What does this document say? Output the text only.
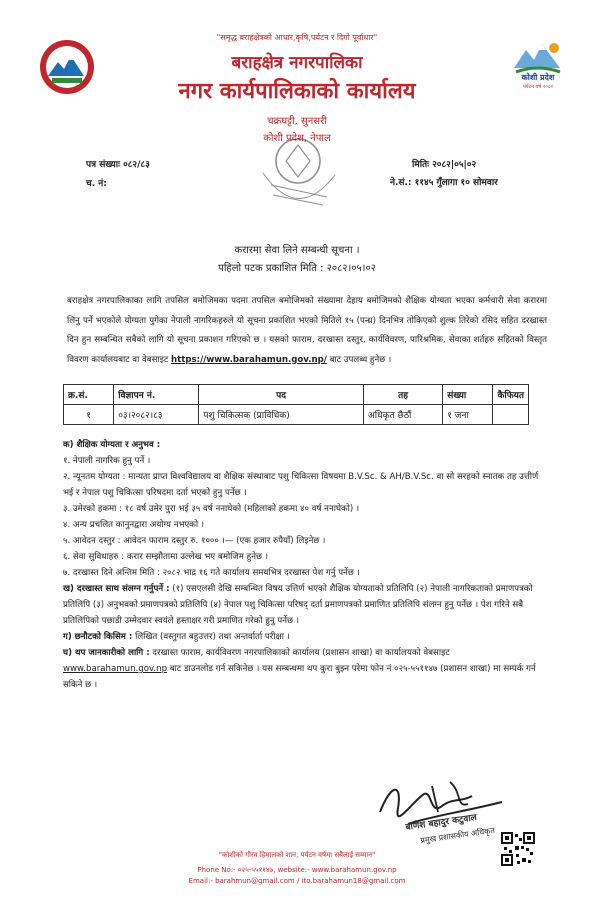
कोशी प्रदेश
पर्यटन वर्ष २०८२
"समृद्ध बराहक्षेत्रको आधार,कृषि,पर्यटन र दिगो पूर्वाधार"
बराहक्षेत्र नगरपालिका
नगर कार्यपालिकाको कार्यालय
चक्रघट्टी, सुनसरी
कोशी प्रदेश, नेपाल
पत्र संख्याः ०८२/८३
च. नं:
मितिः २०८२|०५|०२
ने.सं.: ११४५ गुँलागा १० सोमवार
करारमा सेवा लिने सम्बन्धी सूचना ।
पहिलो पटक प्रकाशित मिति : २०८२।०५।०२
बराहक्षेत्र नगरपालिकाका लागि तपसिल बमोजिमका पदमा तपसिल बमोजिमको संख्यामा देहाय बमोजिमको शैक्षिक योग्यता भएका कर्मचारी सेवा करारमा लिनु पर्ने भएकोले योग्यता पुगेका नेपाली नागरिकहरुले यो सूचना प्रकाशित भएको मितिले १५ (पन्ध्र) दिनभित्र तोकिएको शुल्क तिरेको रसिद सहित दरखास्त दिन हुन सम्बन्धित सबैको लागि यो सूचना प्रकाशन गरिएको छ । यसको फाराम, दरखास्त दस्तुर, कार्यविवरण, पारिश्रमिक, सेवाका शर्तहरु सहितको विस्तृत विवरण कार्यालयबाट वा वेबसाइट https://www.barahamun.gov.np/ बाट उपलब्ध हुनेछ ।
क्र.सं.	विज्ञापन नं.	पद	तह	संख्या	कैफियत
१	०३।२०८२।८३	पशु चिकित्सक (प्राविधिक)	अधिकृत छैठौं	१ जना	

क) शैक्षिक योग्यता र अनुभव :

१. नेपाली नागरिक हुनु पर्ने ।

२. न्यूनतम योग्यता : मान्यता प्राप्त विश्वविद्यालय वा शैक्षिक संस्थाबाट पशु चिकित्सा विषयमा B.V.Sc. & AH/B.V.Sc. वा सो सरहको स्नातक तह उत्तीर्ण भई र नेपाल पशु चिकित्सा परिषदमा दर्ता भएको हुनु पर्नेछ ।

३. उमेरको हकमा : १८ वर्ष उमेर पुरा भई ३५ वर्ष ननाघेको (महिलाको हकमा ४० वर्ष ननाघेको) ।

४. अन्य प्रचलित कानुनद्वारा अयोग्य नभएको ।

५. आवेदन दस्तुर : आवेदन फाराम दस्तुर रु. १००० ।— (एक हजार रुपैयाँ) लिइनेछ ।

६. सेवा सुविधाहरु : करार सम्झौतामा उल्लेख भए बमोजिम हुनेछ ।

७. दरखास्त दिने अन्तिम मिति : २०८२ भाद्र १६ गते कार्यालय समयभित्र दरखास्त पेश गर्नु पर्नेछ ।

ख) दरखास्त साथ संलग्न गर्नुपर्ने : (१) एसएलसी देखि सम्बन्धित विषय उत्तिर्ण भएको शैक्षिक योग्यताको प्रतिलिपि (२) नेपाली नागरिकताको प्रमाणपत्रको प्रतिलिपि (३) अनुभवको प्रमाणपत्रको प्रतिलिपि (४) नेपाल पशु चिकित्सा परिषद् दर्ता प्रमाणपत्रको प्रमाणित प्रतिलिपि संलग्न हुनु पर्नेछ । पेश गरिने सबै प्रतिलिपिको पछाडी उम्मेदवार स्वयंले हस्ताक्षर गरी प्रमाणित गरेको हुनु पर्नेछ ।

ग) छनौटको किसिम : लिखित (वस्तुगत बहुउत्तर) तथा अन्तर्वार्ता परीक्षा ।

घ) थप जानकारीको लागि : दरखास्त फाराम, कार्यविवरण नगरपालिकाको कार्यालय (प्रशासन शाखा) वा कार्यालयको वेबसाइट www.barahamun.gov.np बाट डाउनलोड गर्न सकिनेछ । यस सम्बन्धमा थप कुरा बुझ्न परेमा फोन नं ०२५-५५११४७ (प्रशासन शाखा) मा सम्पर्क गर्न सकिने छ ।

बाणेश बहादुर कटुवाल
प्रमुख प्रशासकीय अधिकृत
"कोशीको गौरव हिमालको शान, पर्यटन वर्षमा सबैलाई सम्मान"
Phone No:- ०२५-५५११४७, website:- www.barahamun.gov.np
Email:- barahmun@gmail.com / ito.barahamun18@gmail.com
